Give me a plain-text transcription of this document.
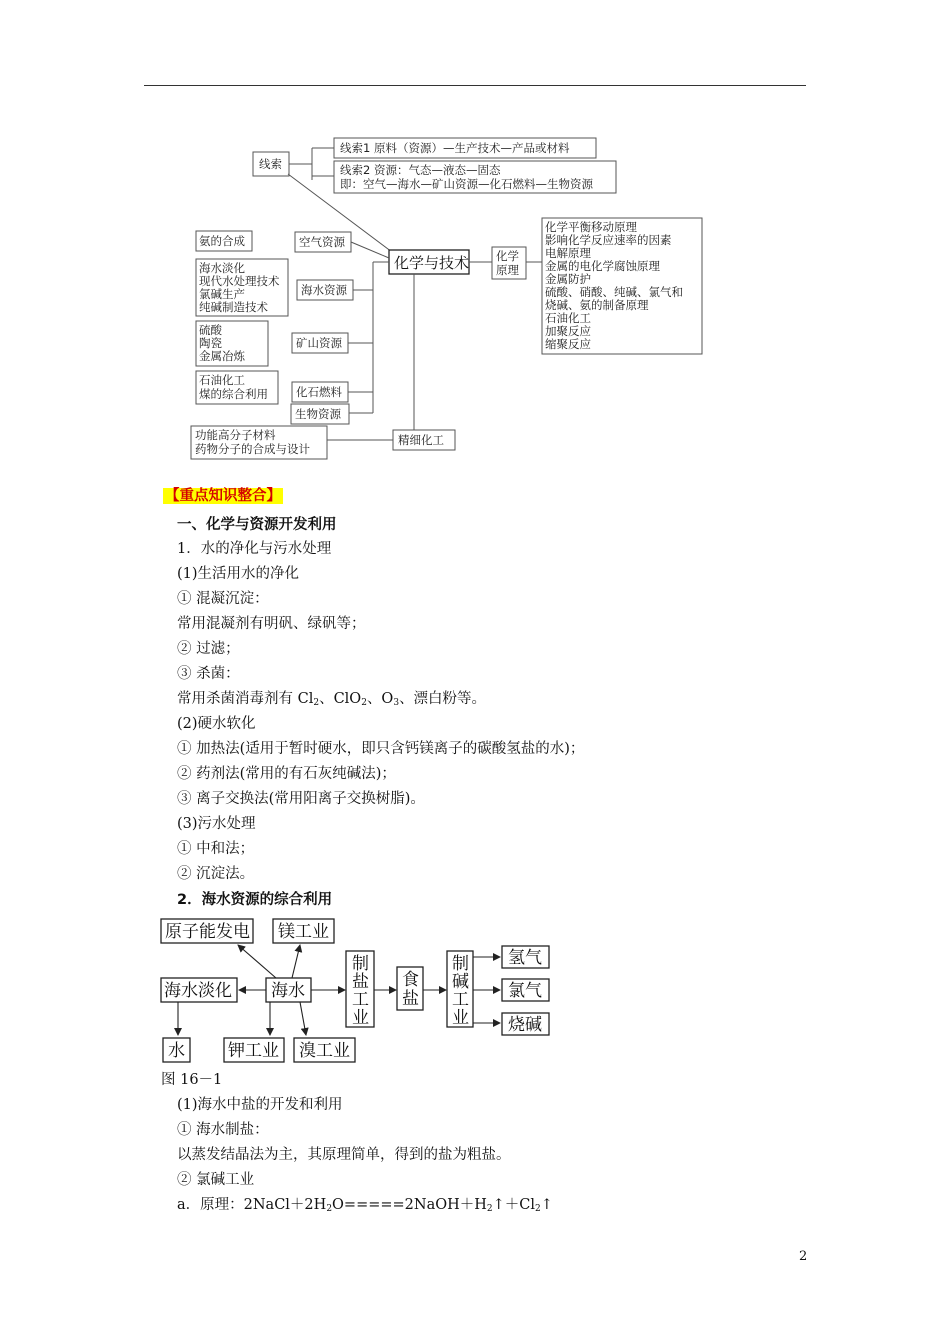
线索
线索1 原料（资源）—生产技术—产品或材料
线索2 资源：气态—液态—固态
即：空气—海水—矿山资源—化石燃料—生物资源
化学与技术 化学
原理
化学平衡移动原理
影响化学反应速率的因素
电解原理
金属的电化学腐蚀原理
金属防护
硫酸、硝酸、纯碱、氯气和
烧碱、氨的制备原理
石油化工
加聚反应
缩聚反应
空气资源
海水资源
矿山资源
化石燃料
生物资源
精细化工
氨的合成
海水淡化
现代水处理技术
氯碱生产
纯碱制造技术
硫酸
陶瓷
金属冶炼
石油化工
煤的综合利用
功能高分子材料
药物分子的合成与设计
【重点知识整合】
一、化学与资源开发利用
1．水的净化与污水处理
(1)生活用水的净化
① 混凝沉淀：
常用混凝剂有明矾、绿矾等；
② 过滤；
③ 杀菌：
常用杀菌消毒剂有 $Cl_2$、ClO$_2$、$O_3$、漂白粉等。
(2)硬水软化
① 加热法(适用于暂时硬水，即只含钙镁离子的碳酸氢盐的水)；
② 药剂法(常用的有石灰纯碱法)；
③ 离子交换法(常用阳离子交换树脂)。
(3)污水处理
① 中和法；
② 沉淀法。
2．海水资源的综合利用
原子能发电 镁工业
海水淡化 海水
制
盐
工
业
食
盐
制
碱
工
业
氢气
氯气
烧碱
水	钾工业 溴工业
图 16－1
(1)海水中盐的开发和利用
① 海水制盐：
以蒸发结晶法为主，其原理简单，得到的盐为粗盐。
② 氯碱工业
a．原理：$2NaCl+2H_2O=====2NaOH+H_2↑+Cl_2↑$
2
